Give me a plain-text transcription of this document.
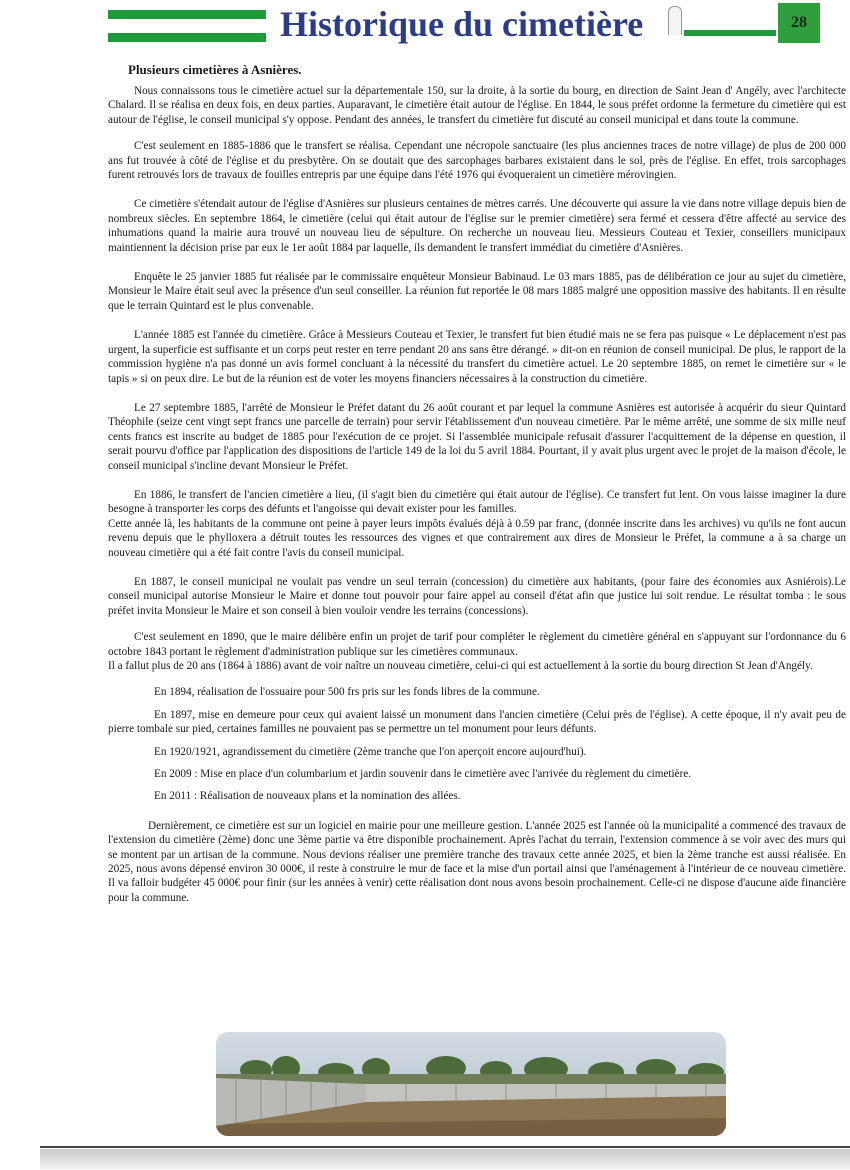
Historique du cimetière	28
Plusieurs cimetières à Asnières.

Nous connaissons tous le cimetière actuel sur la départementale 150, sur la droite, à la sortie du bourg, en direction de Saint Jean d' Angély, avec l'architecte Chalard. Il se réalisa en deux fois, en deux parties. Auparavant, le cimetière était autour de l'église. En 1844, le sous préfet ordonne la fermeture du cimetière qui est autour de l'église, le conseil municipal s'y oppose. Pendant des années, le transfert du cimetière fut discuté au conseil municipal et dans toute la commune.

C'est seulement en 1885-1886 que le transfert se réalisa. Cependant une nécropole sanctuaire (les plus anciennes traces de notre village) de plus de 200 000 ans fut trouvée à côté de l'église et du presbytère. On se doutait que des sarcophages barbares existaient dans le sol, près de l'église. En effet, trois sarcophages furent retrouvés lors de travaux de fouilles entrepris par une équipe dans l'été 1976 qui évoqueraient un cimetière mérovingien.

Ce cimetière s'étendait autour de l'église d'Asnières sur plusieurs centaines de mètres carrés. Une découverte qui assure la vie dans notre village depuis bien de nombreux siècles. En septembre 1864, le cimetière (celui qui était autour de l'église sur le premier cimetière) sera fermé et cessera d'être affecté au service des inhumations quand la mairie aura trouvé un nouveau lieu de sépulture. On recherche un nouveau lieu. Messieurs Couteau et Texier, conseillers municipaux maintiennent la décision prise par eux le 1er août 1884 par laquelle, ils demandent le transfert immédiat du cimetière d'Asnières.

Enquête le 25 janvier 1885 fut réalisée par le commissaire enquêteur Monsieur Babinaud. Le 03 mars 1885, pas de délibération ce jour au sujet du cimetière, Monsieur le Maire était seul avec la présence d'un seul conseiller. La réunion fut reportée le 08 mars 1885 malgré une opposition massive des habitants. Il en résulte que le terrain Quintard est le plus convenable.

L'année 1885 est l'année du cimetière. Grâce à Messieurs Couteau et Texier, le transfert fut bien étudié mais ne se fera pas puisque « Le déplacement n'est pas urgent, la superficie est suffisante et un corps peut rester en terre pendant 20 ans sans être dérangé. » dit-on en réunion de conseil municipal. De plus, le rapport de la commission hygiène n'a pas donné un avis formel concluant à la nécessité du transfert du cimetière actuel. Le 20 septembre 1885, on remet le cimetière sur « le tapis » si on peux dire. Le but de la réunion est de voter les moyens financiers nécessaires à la construction du cimetière.

Le 27 septembre 1885, l'arrêté de Monsieur le Préfet datant du 26 août courant et par lequel la commune Asnières est autorisée à acquérir du sieur Quintard Théophile (seize cent vingt sept francs une parcelle de terrain) pour servir l'établissement d'un nouveau cimetière. Par le même arrêté, une somme de six mille neuf cents francs est inscrite au budget de 1885 pour l'exécution de ce projet. Si l'assemblée municipale refusait d'assurer l'acquittement de la dépense en question, il serait pourvu d'office par l'application des dispositions de l'article 149 de la loi du 5 avril 1884. Pourtant, il y avait plus urgent avec le projet de la maison d'école, le conseil municipal s'incline devant Monsieur le Préfet.

En 1886, le transfert de l'ancien cimetière a lieu, (il s'agit bien du cimetière qui était autour de l'église). Ce transfert fut lent. On vous laisse imaginer la dure besogne à transporter les corps des défunts et l'angoisse qui devait exister pour les familles.

Cette année là, les habitants de la commune ont peine à payer leurs impôts évalués déjà à 0.59 par franc, (donnée inscrite dans les archives) vu qu'ils ne font aucun revenu depuis que le phylloxera a détruit toutes les ressources des vignes et que contrairement aux dires de Monsieur le Préfet, la commune a à sa charge un nouveau cimetière qui a été fait contre l'avis du conseil municipal.

En 1887, le conseil municipal ne voulait pas vendre un seul terrain (concession) du cimetière aux habitants, (pour faire des économies aux Asniérois).Le conseil municipal autorise Monsieur le Maire et donne tout pouvoir pour faire appel au conseil d'état afin que justice lui soit rendue. Le résultat tomba : le sous préfet invita Monsieur le Maire et son conseil à bien vouloir vendre les terrains (concessions).

C'est seulement en 1890, que le maire délibère enfin un projet de tarif pour compléter le règlement du cimetière général en s'appuyant sur l'ordonnance du 6 octobre 1843 portant le règlement d'administration publique sur les cimetières communaux.

Il a fallut plus de 20 ans (1864 à 1886) avant de voir naître un nouveau cimetière, celui-ci qui est actuellement à la sortie du bourg direction St Jean d'Angély.

En 1894, réalisation de l'ossuaire pour 500 frs pris sur les fonds libres de la commune.

En 1897, mise en demeure pour ceux qui avaient laissé un monument dans l'ancien cimetière (Celui près de l'église). A cette époque, il n'y avait peu de pierre tombale sur pied, certaines familles ne pouvaient pas se permettre un tel monument pour leurs défunts.

En 1920/1921, agrandissement du cimetière (2ème tranche que l'on aperçoit encore aujourd'hui).

En 2009 : Mise en place d'un columbarium et jardin souvenir dans le cimetière avec l'arrivée du règlement du cimetière.

En 2011 : Réalisation de nouveaux plans et la nomination des allées.

Dernièrement, ce cimetière est sur un logiciel en mairie pour une meilleure gestion. L'année 2025 est l'année où la municipalité a commencé des travaux de l'extension du cimetière (2ème) donc une 3ème partie va être disponible prochainement. Après l'achat du terrain, l'extension commence à se voir avec des murs qui se montent par un artisan de la commune. Nous devions réaliser une première tranche des travaux cette année 2025, et bien la 2ème tranche est aussi réalisée. En 2025, nous avons dépensé environ 30 000€, il reste à construire le mur de face et la mise d'un portail ainsi que l'aménagement à l'intérieur de ce nouveau cimetière. Il va falloir budgéter 45 000€ pour finir (sur les années à venir) cette réalisation dont nous avons besoin prochainement. Celle-ci ne dispose d'aucune aide financière pour la commune.
